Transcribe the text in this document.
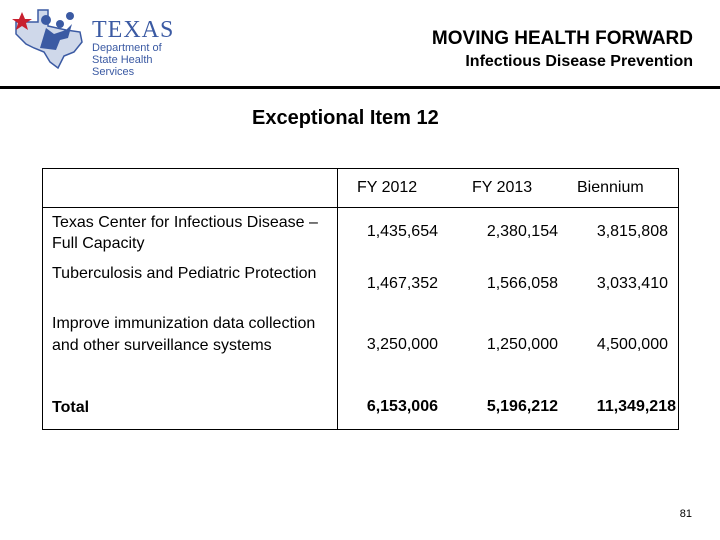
TEXAS
Department of
State Health Services
MOVING HEALTH FORWARD
Infectious Disease Prevention
Exceptional Item 12
FY 2012	FY 2013	Biennium
Texas Center for Infectious Disease – Full Capacity
1,435,654	2,380,154 3,815,808
Tuberculosis and Pediatric Protection
1,467,352	1,566,058 3,033,410
Improve immunization data collection and other surveillance systems	3,250,000	1,250,000 4,500,000
Total	6,153,006	5,196,212 11,349,218
81
